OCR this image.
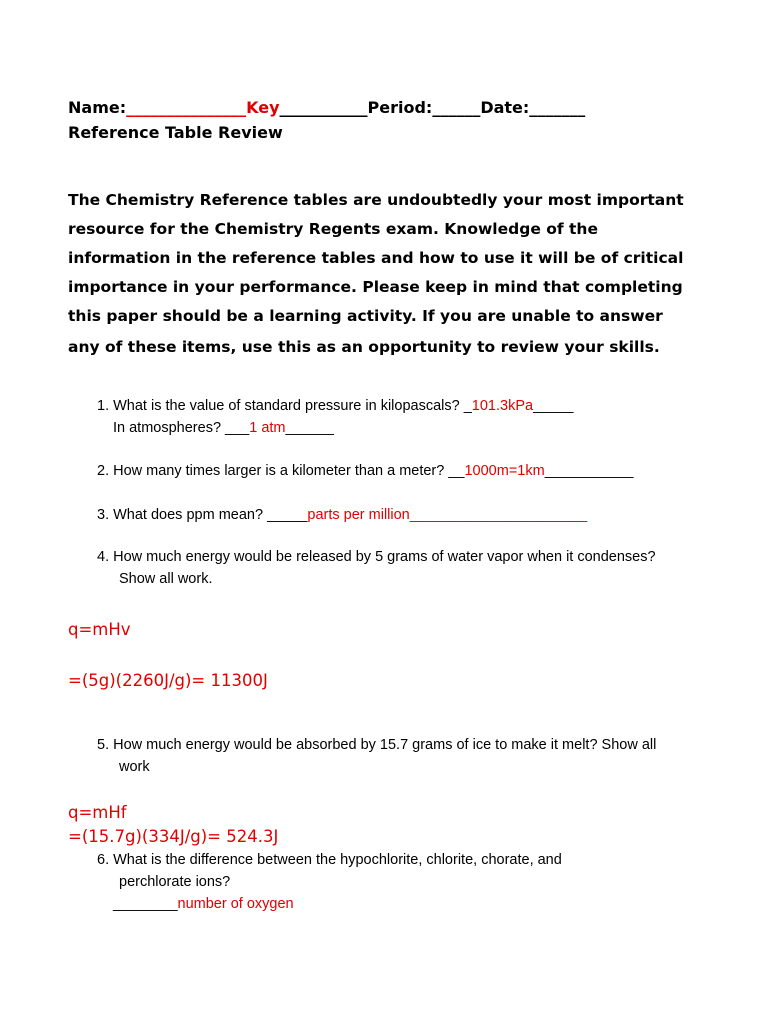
Name:_______________Key___________Period:______Date:_______
Reference Table Review
The Chemistry Reference tables are undoubtedly your most important
resource for the Chemistry Regents exam. Knowledge of the
information in the reference tables and how to use it will be of critical
importance in your performance. Please keep in mind that completing
this paper should be a learning activity. If you are unable to answer
any of these items, use this as an opportunity to review your skills.
1. What is the value of standard pressure in kilopascals? _101.3kPa_____
In atmospheres? ___1 atm______
2. How many times larger is a kilometer than a meter? __1000m=1km___________
3. What does ppm mean? _____parts per million______________________
4. How much energy would be released by 5 grams of water vapor when it condenses?
Show all work.
q=mHv
=(5g)(2260J/g)= 11300J
5. How much energy would be absorbed by 15.7 grams of ice to make it melt? Show all
work
q=mHf
=(15.7g)(334J/g)= 524.3J
6. What is the difference between the hypochlorite, chlorite, chorate, and
perchlorate ions?
________number of oxygen
